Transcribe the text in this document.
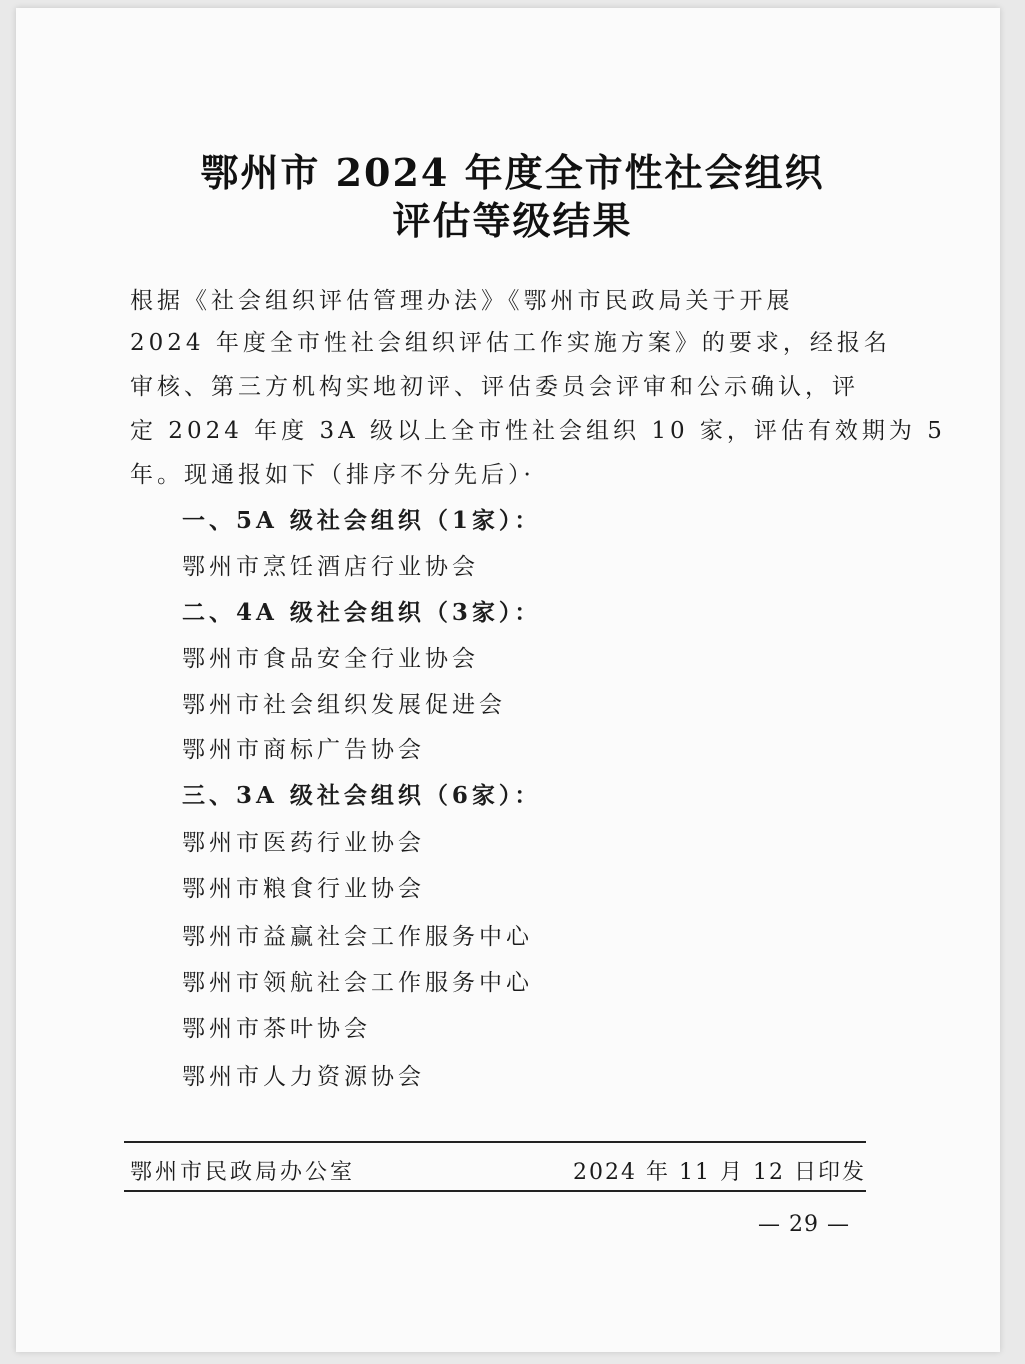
鄂州市 2024 年度全市性社会组织
评估等级结果
根据《社会组织评估管理办法》《鄂州市民政局关于开展
2024 年度全市性社会组织评估工作实施方案》的要求，经报名
审核、第三方机构实地初评、评估委员会评审和公示确认，评
定 2024 年度 3A 级以上全市性社会组织 10 家，评估有效期为 5
年。现通报如下（排序不分先后）·
一、5A 级社会组织（1家）：
鄂州市烹饪酒店行业协会
二、4A 级社会组织（3家）：
鄂州市食品安全行业协会
鄂州市社会组织发展促进会
鄂州市商标广告协会
三、3A 级社会组织（6家）：
鄂州市医药行业协会
鄂州市粮食行业协会
鄂州市益赢社会工作服务中心
鄂州市领航社会工作服务中心
鄂州市茶叶协会
鄂州市人力资源协会
鄂州市民政局办公室	2024 年 11 月 12 日印发
— 29 —
